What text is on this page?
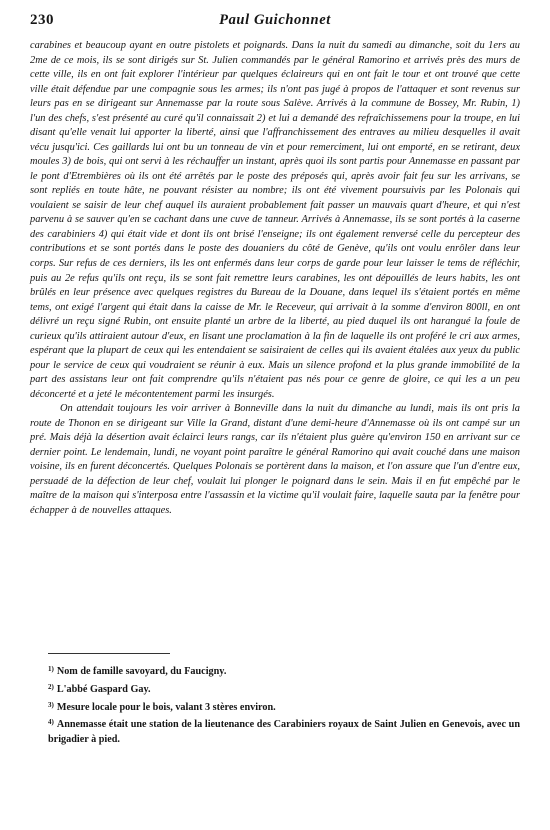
230	Paul Guichonnet

carabines et beaucoup ayant en outre pistolets et poignards. Dans la nuit du samedi au dimanche, soit du 1ers au 2me de ce mois, ils se sont dirigés sur St. Julien commandés par le général Ramorino et arrivés près des murs de cette ville, ils en ont fait explorer l'intérieur par quelques éclaireurs qui en ont fait le tour et ont trouvé que cette ville était défendue par une compagnie sous les armes; ils n'ont pas jugé à propos de l'attaquer et sont revenus sur leurs pas en se dirigeant sur Annemasse par la route sous Salève. Arrivés à la commune de Bossey, Mr. Rubin, 1) l'un des chefs, s'est présenté au curé qu'il connaissait 2) et lui a demandé des refraîchissemens pour la troupe, en lui disant qu'elle venait lui apporter la liberté, ainsi que l'affranchissement des entraves au milieu desquelles il avait vécu jusqu'ici. Ces gaillards lui ont bu un tonneau de vin et pour remerciment, lui ont emporté, en se retirant, deux moules 3) de bois, qui ont servi à les réchauffer un instant, après quoi ils sont partis pour Annemasse en passant par le pont d'Etrembières où ils ont été arrêtés par le poste des préposés qui, après avoir fait feu sur les arrivans, se sont repliés en toute hâte, ne pouvant résister au nombre; ils ont été vivement poursuivis par les Polonais qui voulaient se saisir de leur chef auquel ils auraient probablement fait passer un mauvais quart d'heure, et qui n'est parvenu à se sauver qu'en se cachant dans une cuve de tanneur. Arrivés à Annemasse, ils se sont portés à la caserne des carabiniers 4) qui était vide et dont ils ont brisé l'enseigne; ils ont également renversé celle du percepteur des contributions et se sont portés dans le poste des douaniers du côté de Genève, qu'ils ont voulu enrôler dans leur corps. Sur refus de ces derniers, ils les ont enfermés dans leur corps de garde pour leur laisser le tems de réfléchir, puis au 2e refus qu'ils ont reçu, ils se sont fait remettre leurs carabines, les ont dépouillés de leurs habits, les ont brûlés en leur présence avec quelques registres du Bureau de la Douane, dans lequel ils s'étaient portés en même tems, ont exigé l'argent qui était dans la caisse de Mr. le Receveur, qui arrivait à la somme d'environ 800ll, en ont délivré un reçu signé Rubin, ont ensuite planté un arbre de la liberté, au pied duquel ils ont harangué la foule de curieux qu'ils attiraient autour d'eux, en lisant une proclamation à la fin de laquelle ils ont proféré le cri aux armes, espérant que la plupart de ceux qui les entendaient se saisiraient de celles qui ils avaient étalées aux yeux du public pour le service de ceux qui voudraient se réunir à eux. Mais un silence profond et la plus grande immobilité de la part des assistans leur ont fait comprendre qu'ils n'étaient pas nés pour ce genre de gloire, ce qui les a un peu déconcerté et a jeté le mécontentement parmi les insurgés.

On attendait toujours les voir arriver à Bonneville dans la nuit du dimanche au lundi, mais ils ont pris la route de Thonon en se dirigeant sur Ville la Grand, distant d'une demi-heure d'Annemasse où ils ont campé sur un pré. Mais déjà la désertion avait éclairci leurs rangs, car ils n'étaient plus guère qu'environ 150 en arrivant sur ce dernier point. Le lendemain, lundi, ne voyant point paraître le général Ramorino qui avait couché dans une maison voisine, ils en furent déconcertés. Quelques Polonais se portèrent dans la maison, et l'on assure que l'un d'entre eux, persuadé de la défection de leur chef, voulait lui plonger le poignard dans le sein. Mais il en fut empêché par le maître de la maison qui s'interposa entre l'assassin et la victime qu'il voulait faire, laquelle sauta par la fenêtre pour échapper à de nouvelles attaques.

$^{1)}$ Nom de famille savoyard, du Faucigny.

$^{2)}$ L'abbé Gaspard Gay.

$^{3)}$ Mesure locale pour le bois, valant 3 stères environ.

$^{4)}$ Annemasse était une station de la lieutenance des Carabiniers royaux de Saint Julien en Genevois, avec un brigadier à pied.
